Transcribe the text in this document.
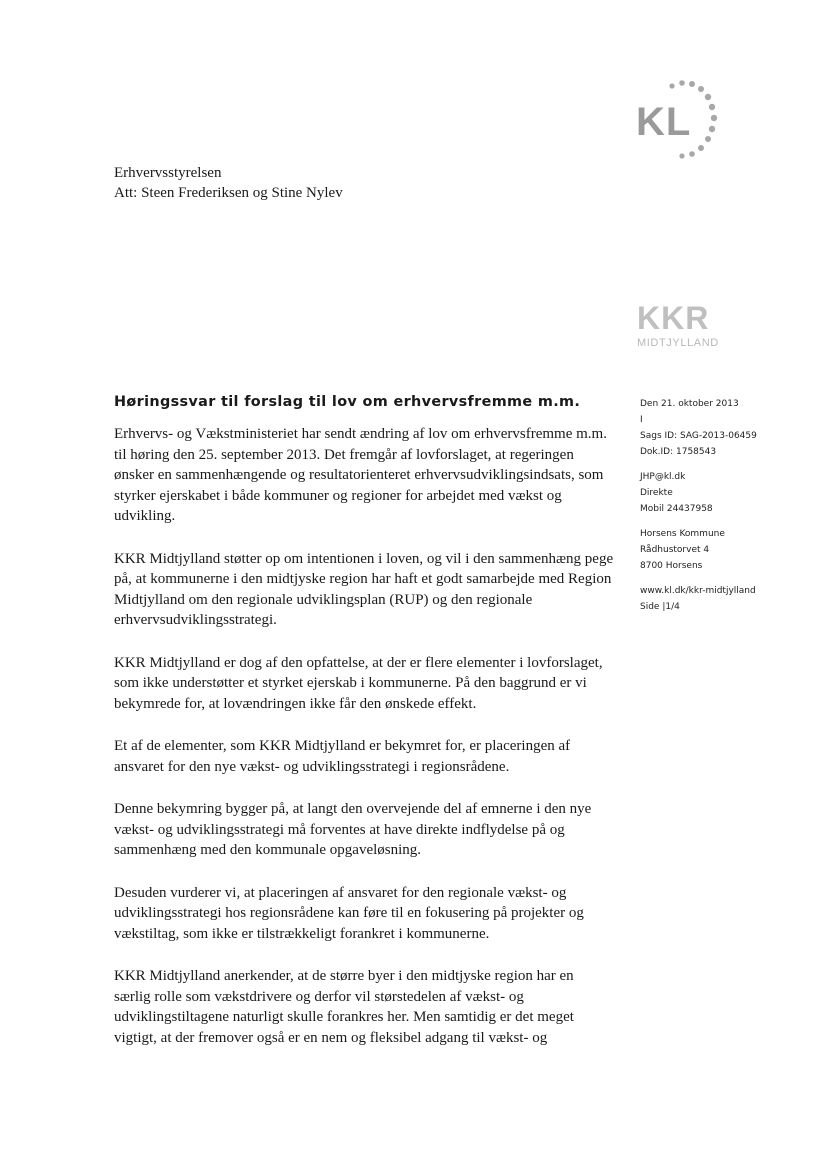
KL
Erhvervsstyrelsen
Att: Steen Frederiksen og Stine Nylev
KKR
MIDTJYLLAND
Høringssvar til forslag til lov om erhvervsfremme m.m.

Erhvervs- og Vækstministeriet har sendt ændring af lov om erhvervsfremme m.m. til høring den 25. september 2013. Det fremgår af lovforslaget, at regeringen ønsker en sammenhængende og resultatorienteret erhvervsudviklingsindsats, som styrker ejerskabet i både kommuner og regioner for arbejdet med vækst og udvikling.

KKR Midtjylland støtter op om intentionen i loven, og vil i den sammenhæng pege på, at kommunerne i den midtjyske region har haft et godt samarbejde med Region Midtjylland om den regionale udviklingsplan (RUP) og den regionale erhvervsudviklingsstrategi.

KKR Midtjylland er dog af den opfattelse, at der er flere elementer i lovforslaget, som ikke understøtter et styrket ejerskab i kommunerne. På den baggrund er vi bekymrede for, at lovændringen ikke får den ønskede effekt.

Et af de elementer, som KKR Midtjylland er bekymret for, er placeringen af ansvaret for den nye vækst- og udviklingsstrategi i regionsrådene.

Denne bekymring bygger på, at langt den overvejende del af emnerne i den nye vækst- og udviklingsstrategi må forventes at have direkte indflydelse på og sammenhæng med den kommunale opgaveløsning.

Desuden vurderer vi, at placeringen af ansvaret for den regionale vækst- og udviklingsstrategi hos regionsrådene kan føre til en fokusering på projekter og vækstiltag, som ikke er tilstrækkeligt forankret i kommunerne.

KKR Midtjylland anerkender, at de større byer i den midtjyske region har en særlig rolle som vækstdrivere og derfor vil størstedelen af vækst- og udviklingstiltagene naturligt skulle forankres her. Men samtidig er det meget vigtigt, at der fremover også er en nem og fleksibel adgang til vækst- og

Den 21. oktober 2013
I
Sags ID: SAG-2013-06459
Dok.ID: 1758543
JHP@kl.dk
Direkte
Mobil 24437958
Horsens Kommune
Rådhustorvet 4
8700 Horsens
www.kl.dk/kkr-midtjylland
Side |1/4
